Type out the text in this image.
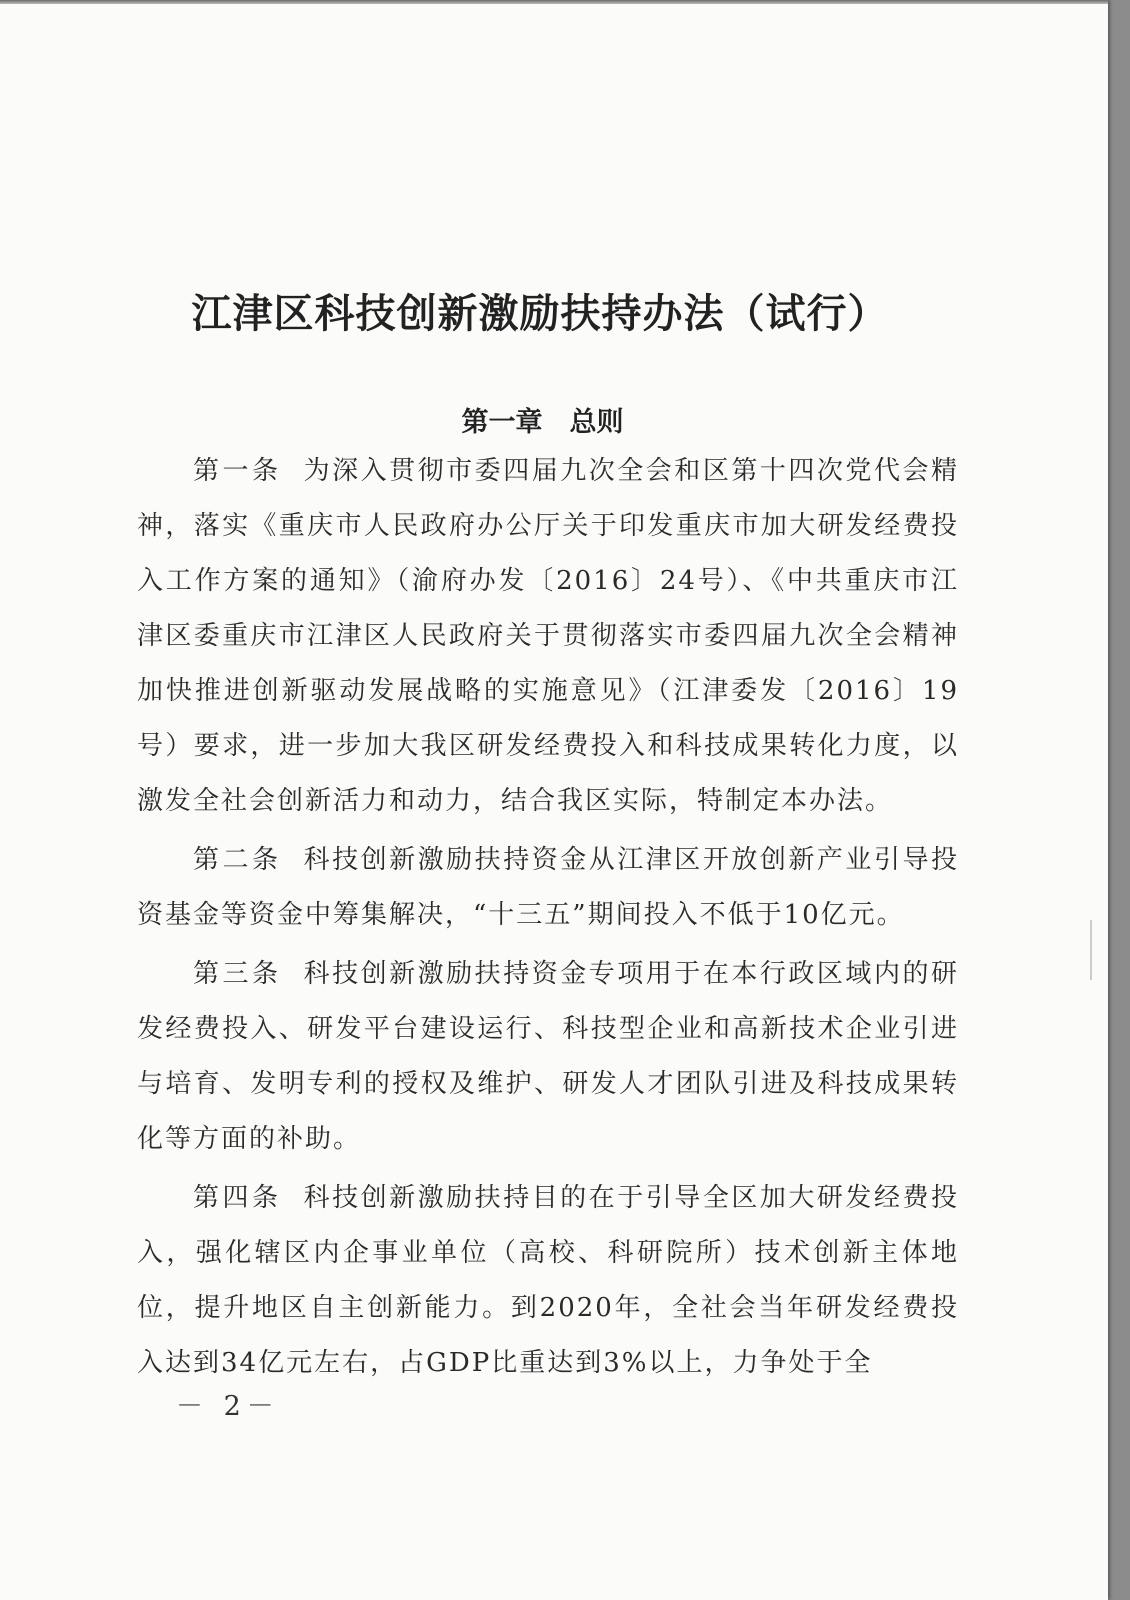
江津区科技创新激励扶持办法（试行）
第一章　总则

第一条 为深入贯彻市委四届九次全会和区第十四次党代会精神，落实《重庆市人民政府办公厅关于印发重庆市加大研发经费投入工作方案的通知》（渝府办发〔2016〕24号）、《中共重庆市江津区委重庆市江津区人民政府关于贯彻落实市委四届九次全会精神加快推进创新驱动发展战略的实施意见》（江津委发〔2016〕19号）要求，进一步加大我区研发经费投入和科技成果转化力度，以激发全社会创新活力和动力，结合我区实际，特制定本办法。

第二条 科技创新激励扶持资金从江津区开放创新产业引导投资基金等资金中筹集解决，“十三五”期间投入不低于10亿元。

第三条 科技创新激励扶持资金专项用于在本行政区域内的研发经费投入、研发平台建设运行、科技型企业和高新技术企业引进与培育、发明专利的授权及维护、研发人才团队引进及科技成果转化等方面的补助。

第四条 科技创新激励扶持目的在于引导全区加大研发经费投入，强化辖区内企事业单位（高校、科研院所）技术创新主体地位，提升地区自主创新能力。到2020年，全社会当年研发经费投入达到34亿元左右，占GDP比重达到3%以上，力争处于全

－ 2－
